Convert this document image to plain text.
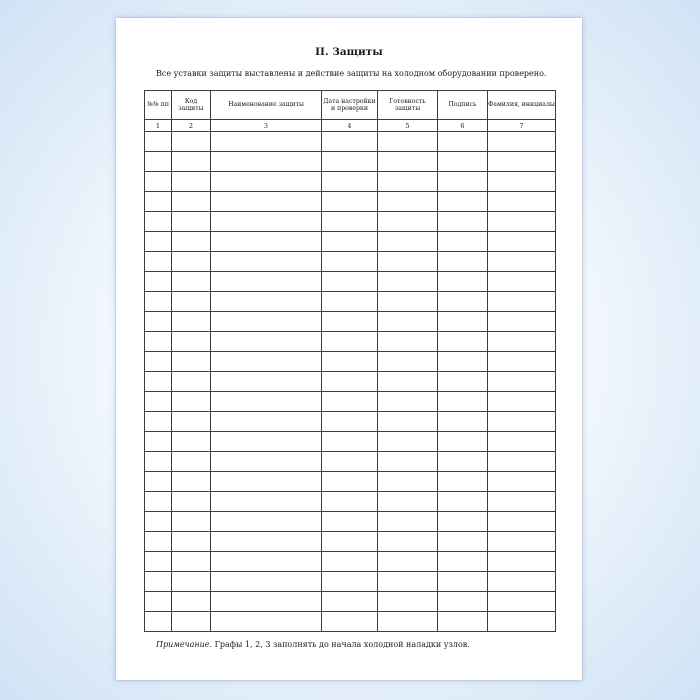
II. Защиты

Все уставки защиты выставлены и действие защиты на холодном оборудовании проверено.

№№ пп	Код защиты	Наименование защиты	Дата настройки и проверки	Готовность защиты	Подпись	Фамилия, инициалы
1	2	3	4	5	6	7

Примечание. Графы 1, 2, 3 заполнять до начала холодной наладки узлов.
